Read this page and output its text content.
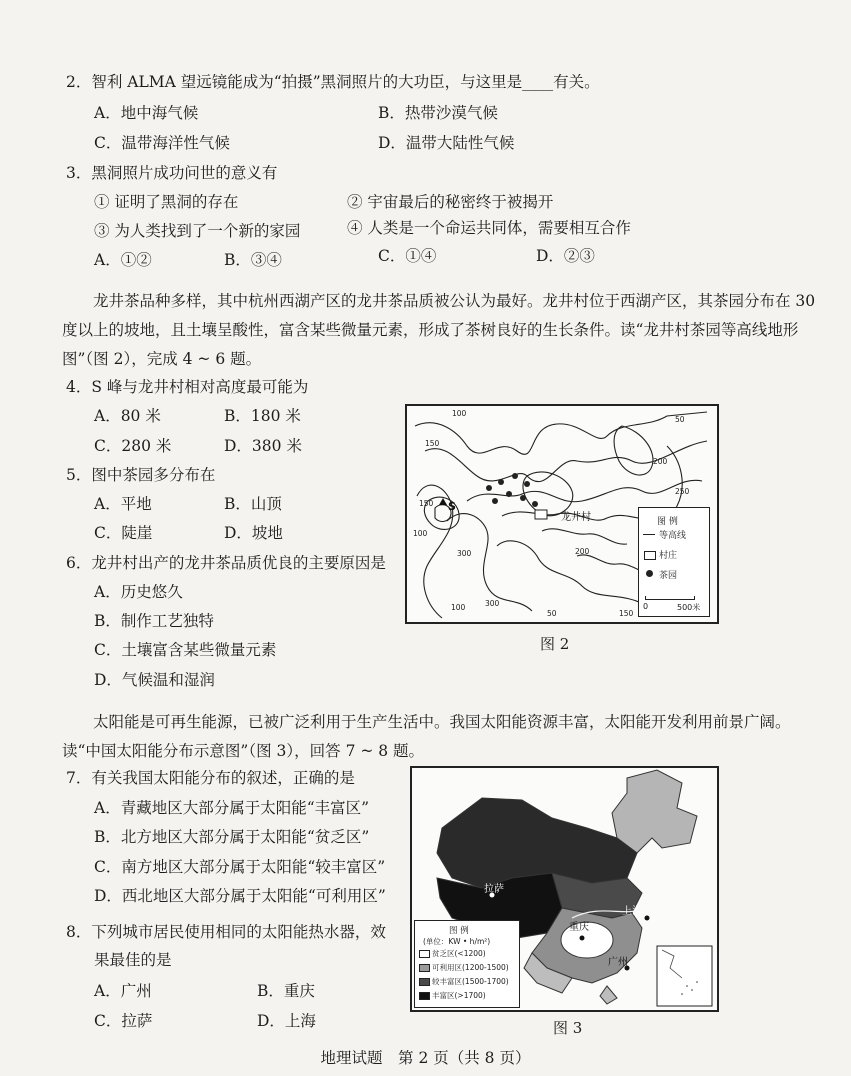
2．智利 ALMA 望远镜能成为“拍摄”黑洞照片的大功臣，与这里是____有关。
A．地中海气候	B．热带沙漠气候
C．温带海洋性气候	D．温带大陆性气候
3．黑洞照片成功问世的意义有
① 证明了黑洞的存在	② 宇宙最后的秘密终于被揭开
③ 为人类找到了一个新的家园	④ 人类是一个命运共同体，需要相互合作
A．①②	B．③④	C．①④	D．②③
龙井茶品种多样，其中杭州西湖产区的龙井茶品质被公认为最好。龙井村位于西湖产区，其茶园分布在 30 度以上的坡地，且土壤呈酸性，富含某些微量元素，形成了茶树良好的生长条件。读“龙井村茶园等高线地形图”（图 2），完成 4 ~ 6 题。
4．S 峰与龙井村相对高度最可能为
A．80 米	B．180 米
C．280 米	D．380 米
5．图中茶园多分布在
A．平地	B．山顶
C．陡崖	D．坡地
6．龙井村出产的龙井茶品质优良的主要原因是
A．历史悠久
B．制作工艺独特
C．土壤富含某些微量元素
D．气候温和湿润
100
50
150
200
250
300
100
150
200
300
100
150
50
S
龙井村	图 例
等高线
村庄
茶园
0	500米
图 2
太阳能是可再生能源，已被广泛利用于生产生活中。我国太阳能资源丰富，太阳能开发利用前景广阔。读“中国太阳能分布示意图”（图 3），回答 7 ~ 8 题。
7．有关我国太阳能分布的叙述，正确的是
A．青藏地区大部分属于太阳能“丰富区”
B．北方地区大部分属于太阳能“贫乏区”
C．南方地区大部分属于太阳能“较丰富区”
D．西北地区大部分属于太阳能“可利用区”
8．下列城市居民使用相同的太阳能热水器，效
果最佳的是
A．广州	B．重庆
C．拉萨	D．上海
拉萨
重庆
上海
广州
图 例
(单位：KW • h/m²)
贫乏区(<1200)
可利用区(1200-1500)
较丰富区(1500-1700)
丰富区(>1700)
图 3
地理试题　第 2 页（共 8 页）
